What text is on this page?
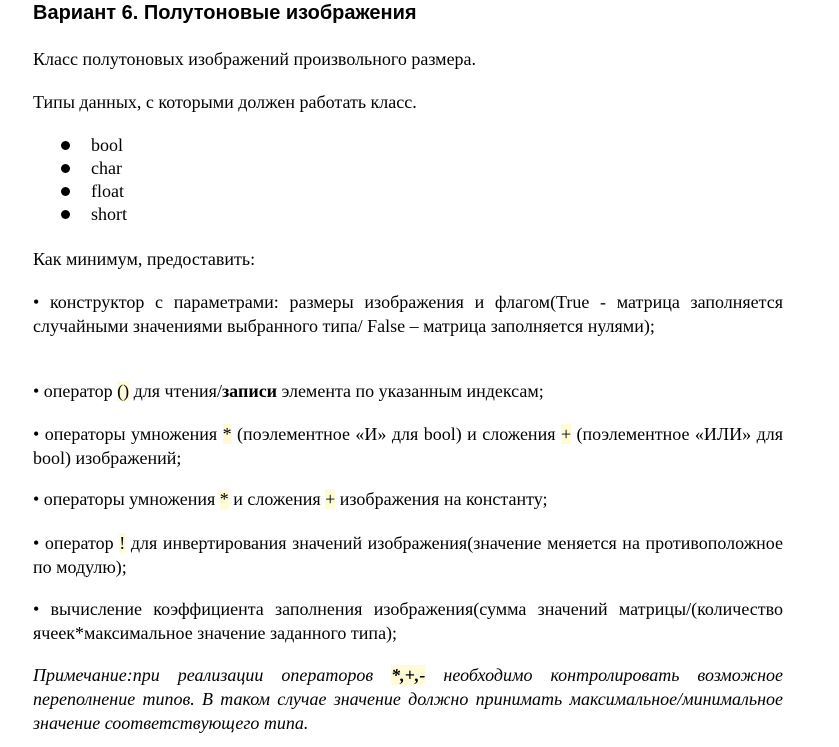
Вариант 6. Полутоновые изображения

Класс полутоновых изображений произвольного размера.

Типы данных, с которыми должен работать класс.

bool
char
float
short

Как минимум, предоставить:

• конструктор с параметрами: размеры изображения и флагом(True - матрица заполняется случайными значениями выбранного типа/ False – матрица заполняется нулями);

• оператор () для чтения/записи элемента по указанным индексам;

• операторы умножения * (поэлементное «И» для bool) и сложения + (поэлементное «ИЛИ» для bool) изображений;

• операторы умножения * и сложения + изображения на константу;

• оператор ! для инвертирования значений изображения(значение меняется на противоположное по модулю);

• вычисление коэффициента заполнения изображения(сумма значений матрицы/(количество ячеек*максимальное значение заданного типа);

Примечание:при реализации операторов *,+,- необходимо контролировать возможное переполнение типов. В таком случае значение должно принимать максимальное/минимальное значение соответствующего типа.
